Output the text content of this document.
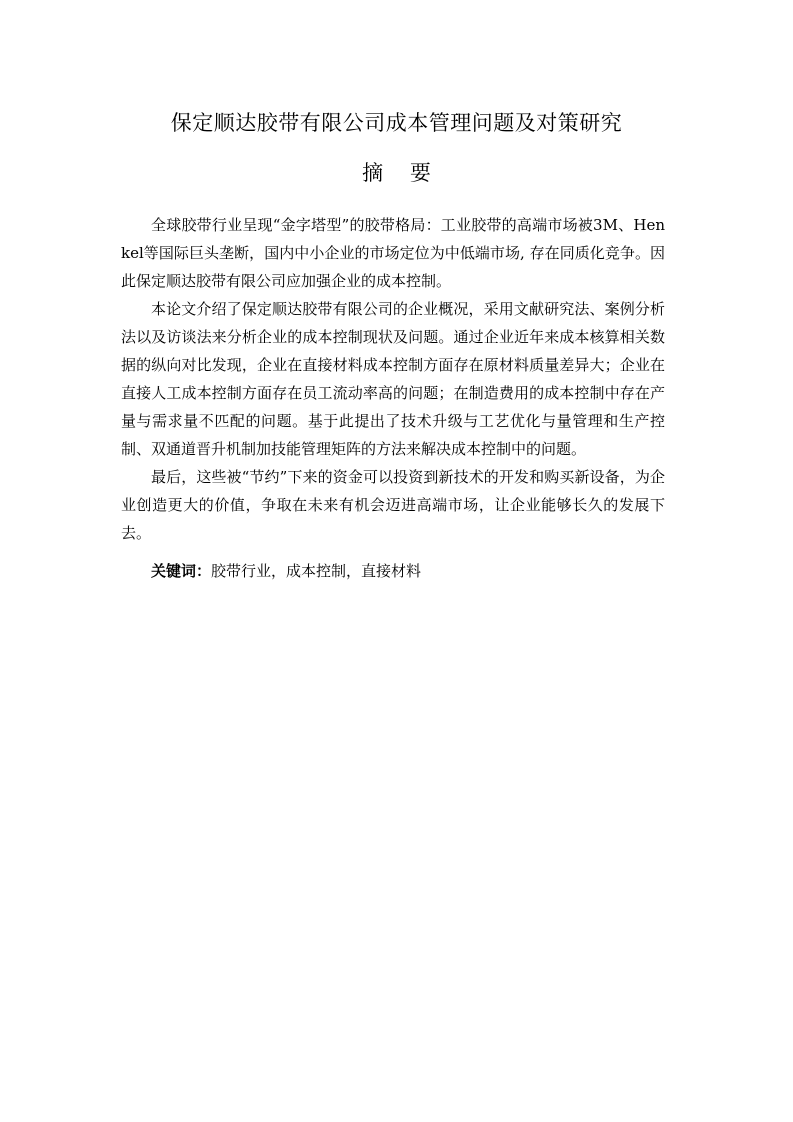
保定顺达胶带有限公司成本管理问题及对策研究
摘 要

全球胶带行业呈现“金字塔型”的胶带格局：工业胶带的高端市场被3M、Henkel等国际巨头垄断，国内中小企业的市场定位为中低端市场, 存在同质化竞争。因此保定顺达胶带有限公司应加强企业的成本控制。

本论文介绍了保定顺达胶带有限公司的企业概况，采用文献研究法、案例分析法以及访谈法来分析企业的成本控制现状及问题。通过企业近年来成本核算相关数据的纵向对比发现，企业在直接材料成本控制方面存在原材料质量差异大；企业在直接人工成本控制方面存在员工流动率高的问题；在制造费用的成本控制中存在产量与需求量不匹配的问题。基于此提出了技术升级与工艺优化与量管理和生产控制、双通道晋升机制加技能管理矩阵的方法来解决成本控制中的问题。

最后，这些被“节约”下来的资金可以投资到新技术的开发和购买新设备，为企业创造更大的价值，争取在未来有机会迈进高端市场，让企业能够长久的发展下去。

关键词：胶带行业，成本控制，直接材料
